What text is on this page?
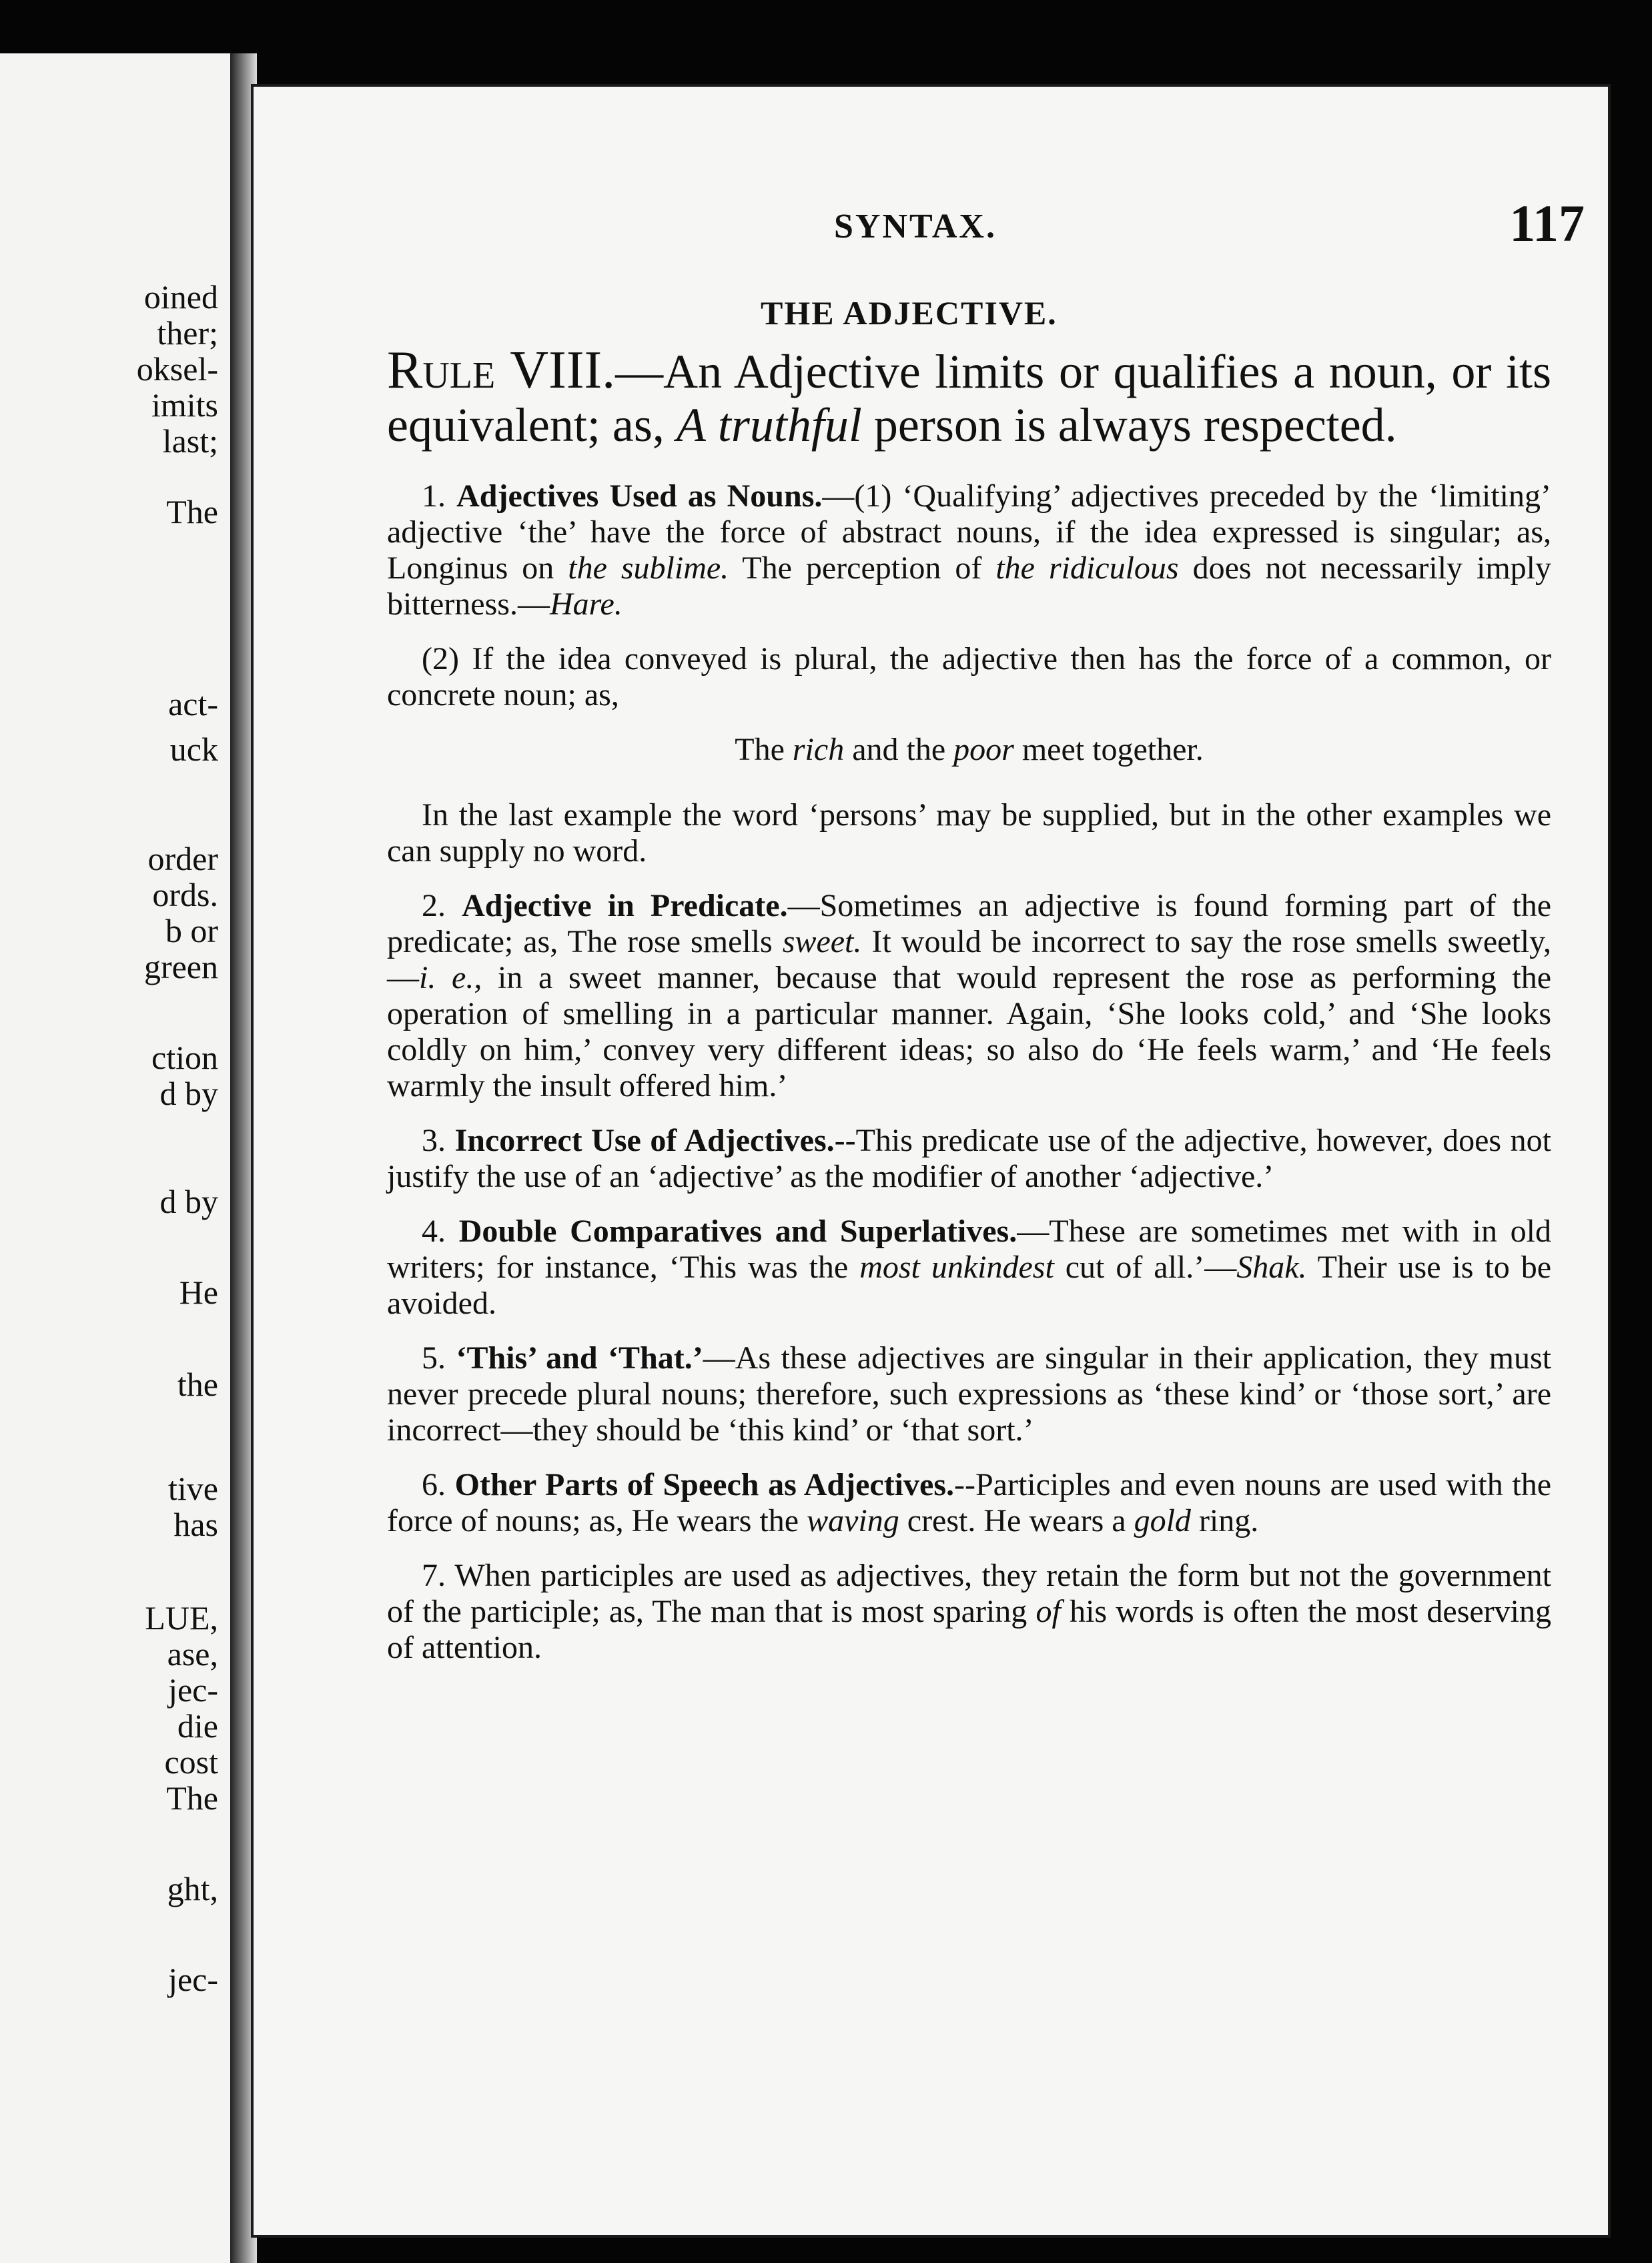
oined
ther;
oksel-
imits
last;
The
act-
uck
order
ords.
b or
green
ction
d by
d by
He
the
tive
has
LUE,
ase,
jec-
die
cost
The
ght,
jec-
SYNTAX.	117
THE ADJECTIVE.

Rule VIII.—An Adjective limits or qualifies a noun, or its equivalent; as, A truthful person is always respected.

1. Adjectives Used as Nouns.—(1) ‘Qualifying’ adjectives preceded by the ‘limiting’ adjective ‘the’ have the force of abstract nouns, if the idea expressed is singular; as, Longinus on the sublime. The perception of the ridiculous does not necessarily imply bitterness.—Hare.

(2) If the idea conveyed is plural, the adjective then has the force of a common, or concrete noun; as,

The rich and the poor meet together.

In the last example the word ‘persons’ may be supplied, but in the other examples we can supply no word.

2. Adjective in Predicate.—Sometimes an adjective is found forming part of the predicate; as, The rose smells sweet. It would be incorrect to say the rose smells sweetly,—i. e., in a sweet manner, because that would represent the rose as performing the operation of smelling in a particular manner. Again, ‘She looks cold,’ and ‘She looks coldly on him,’ convey very different ideas; so also do ‘He feels warm,’ and ‘He feels warmly the insult offered him.’

3. Incorrect Use of Adjectives.--This predicate use of the adjective, however, does not justify the use of an ‘adjective’ as the modifier of another ‘adjective.’

4. Double Comparatives and Superlatives.—These are sometimes met with in old writers; for instance, ‘This was the most unkindest cut of all.’—Shak. Their use is to be avoided.

5. ‘This’ and ‘That.’—As these adjectives are singular in their application, they must never precede plural nouns; therefore, such expressions as ‘these kind’ or ‘those sort,’ are incorrect—they should be ‘this kind’ or ‘that sort.’

6. Other Parts of Speech as Adjectives.--Participles and even nouns are used with the force of nouns; as, He wears the waving crest. He wears a gold ring.

7. When participles are used as adjectives, they retain the form but not the government of the participle; as, The man that is most sparing of his words is often the most deserving of attention.
